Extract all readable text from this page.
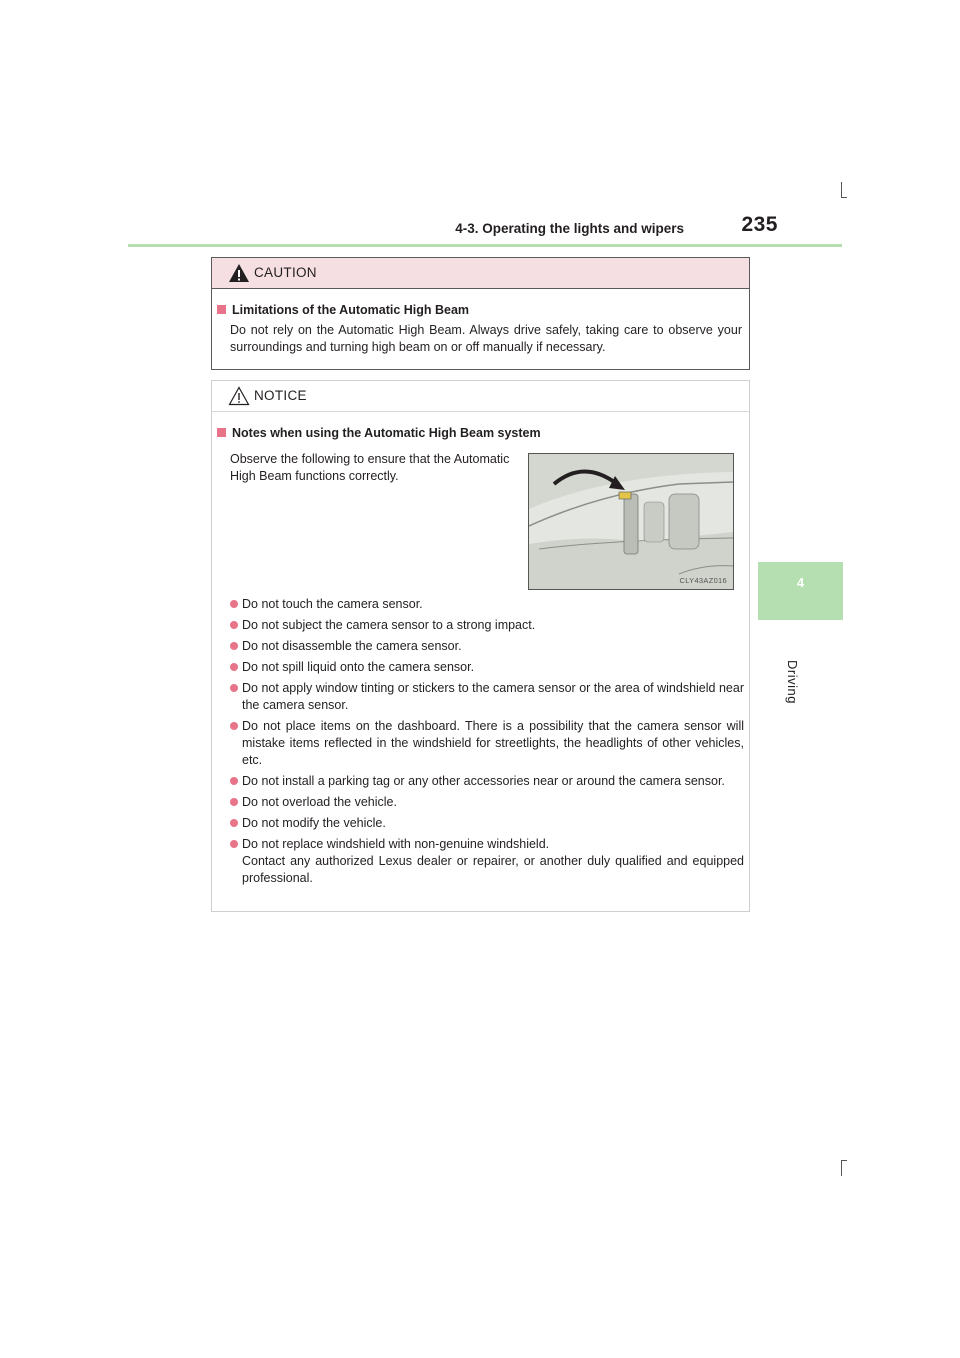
4-3. Operating the lights and wipers	235
4
Driving
CAUTION
Limitations of the Automatic High Beam
Do not rely on the Automatic High Beam. Always drive safely, taking care to observe your surroundings and turning high beam on or off manually if necessary.
NOTICE
Notes when using the Automatic High Beam system
Observe the following to ensure that the Automatic High Beam functions correctly.
CLY43AZ016
Do not touch the camera sensor.
Do not subject the camera sensor to a strong impact.
Do not disassemble the camera sensor.
Do not spill liquid onto the camera sensor.
Do not apply window tinting or stickers to the camera sensor or the area of windshield near the camera sensor.
Do not place items on the dashboard. There is a possibility that the camera sensor will mistake items reflected in the windshield for streetlights, the headlights of other vehicles, etc.
Do not install a parking tag or any other accessories near or around the camera sensor.
Do not overload the vehicle.
Do not modify the vehicle.
Do not replace windshield with non-genuine windshield.
Contact any authorized Lexus dealer or repairer, or another duly qualified and equipped professional.
